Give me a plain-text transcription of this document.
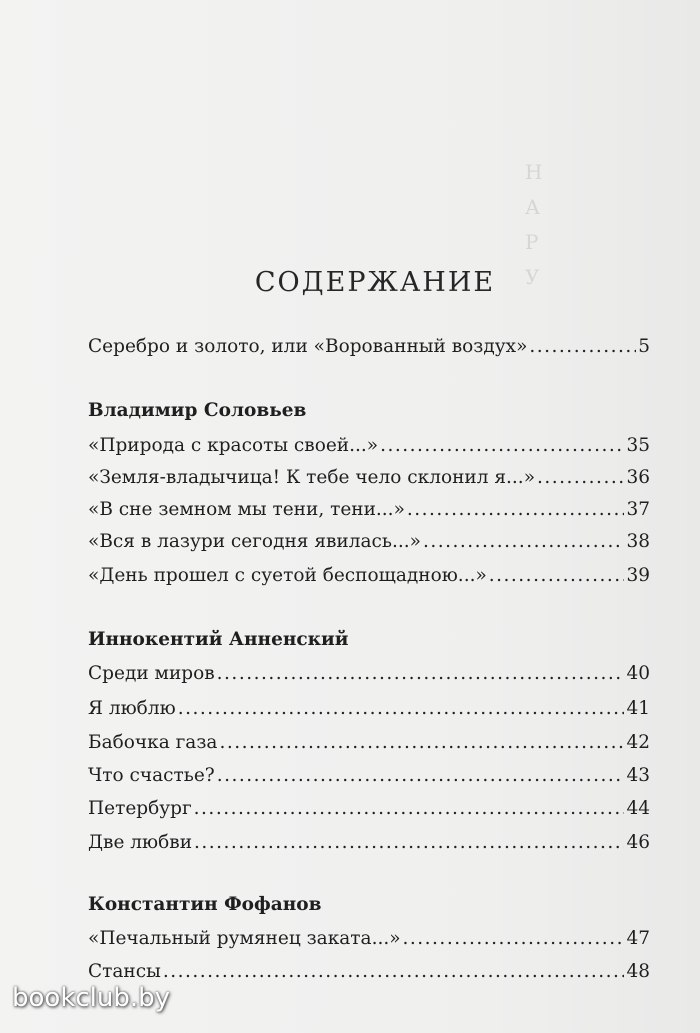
Н
А
Р
У
СОДЕРЖАНИЕ
Серебро и золото, или «Ворованный воздух» .....	5
Владимир Соловьев
«Природа с красоты своей...» .....	35
«Земля-владычица! К тебе чело склонил я...» .....	36
«В сне земном мы тени, тени...» .....	37
«Вся в лазури сегодня явилась...» .....	38
«День прошел с суетой беспощадною...» .....	39
Иннокентий Анненский
Среди миров .....	40
Я люблю .....	41
Бабочка газа .....	42
Что счастье? .....	43
Петербург .....	44
Две любви .....	46
Константин Фофанов
«Печальный румянец заката...» .....	47
Стансы .....	48
bookclub.by
